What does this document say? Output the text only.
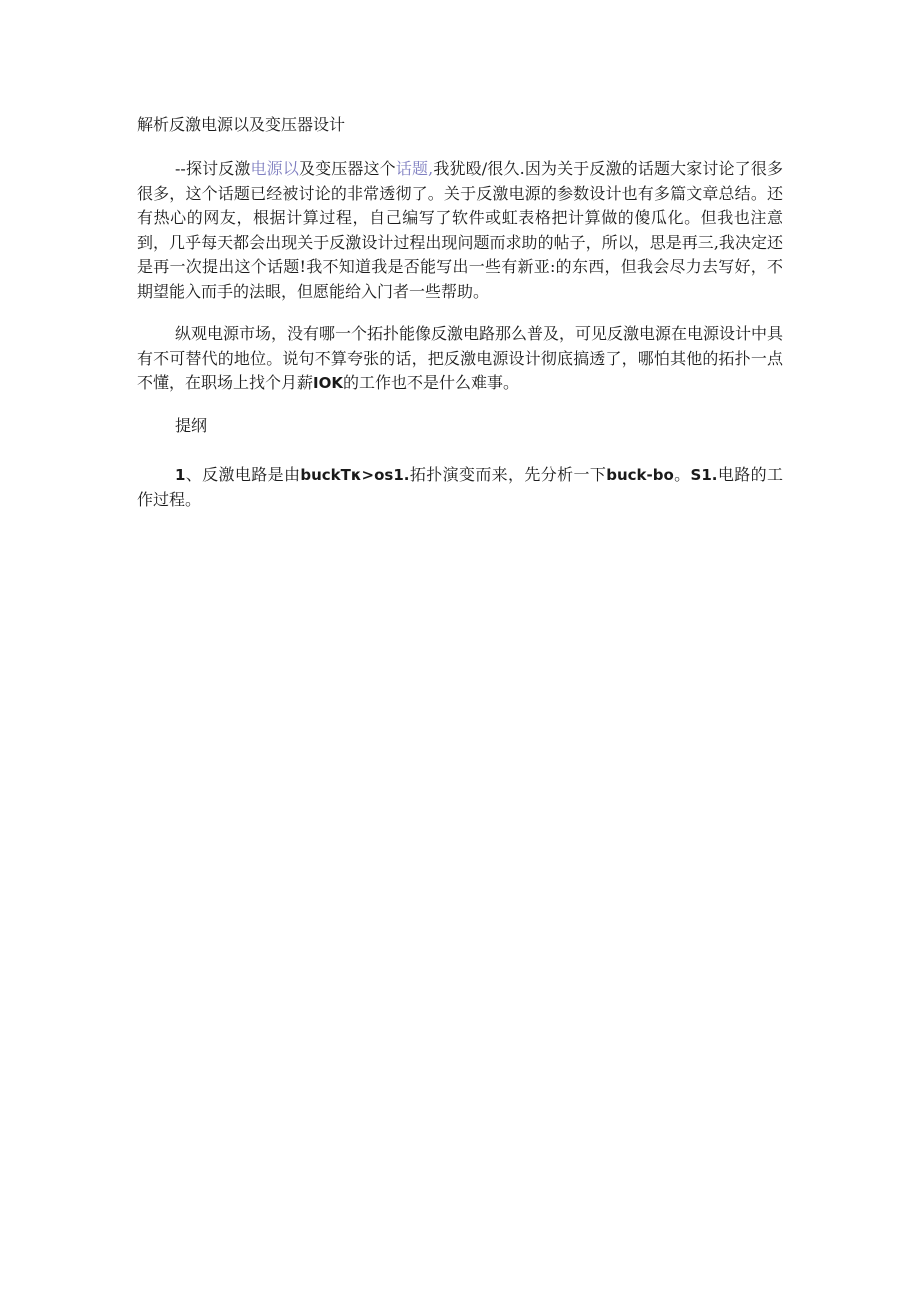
解析反激电源以及变压器设计

--探讨反激电源以及变压器这个话题,我犹殴/很久.因为关于反激的话题大家讨论了很多很多，这个话题已经被讨论的非常透彻了。关于反激电源的参数设计也有多篇文章总结。还有热心的网友，根据计算过程，自己编写了软件或虹表格把计算做的傻瓜化。但我也注意到，几乎每天都会出现关于反激设计过程出现问题而求助的帖子，所以，思是再三,我决定还是再一次提出这个话题!我不知道我是否能写出一些有新亚:的东西，但我会尽力去写好，不期望能入而手的法眼，但愿能给入门者一些帮助。

纵观电源市场，没有哪一个拓扑能像反激电路那么普及，可见反激电源在电源设计中具有不可替代的地位。说句不算夸张的话，把反激电源设计彻底搞透了，哪怕其他的拓扑一点不懂，在职场上找个月薪IOK的工作也不是什么难事。

提纲

1、反激电路是由buckTκ>os1.拓扑演变而来，先分析一下buck-bo。S1.电路的工作过程。
